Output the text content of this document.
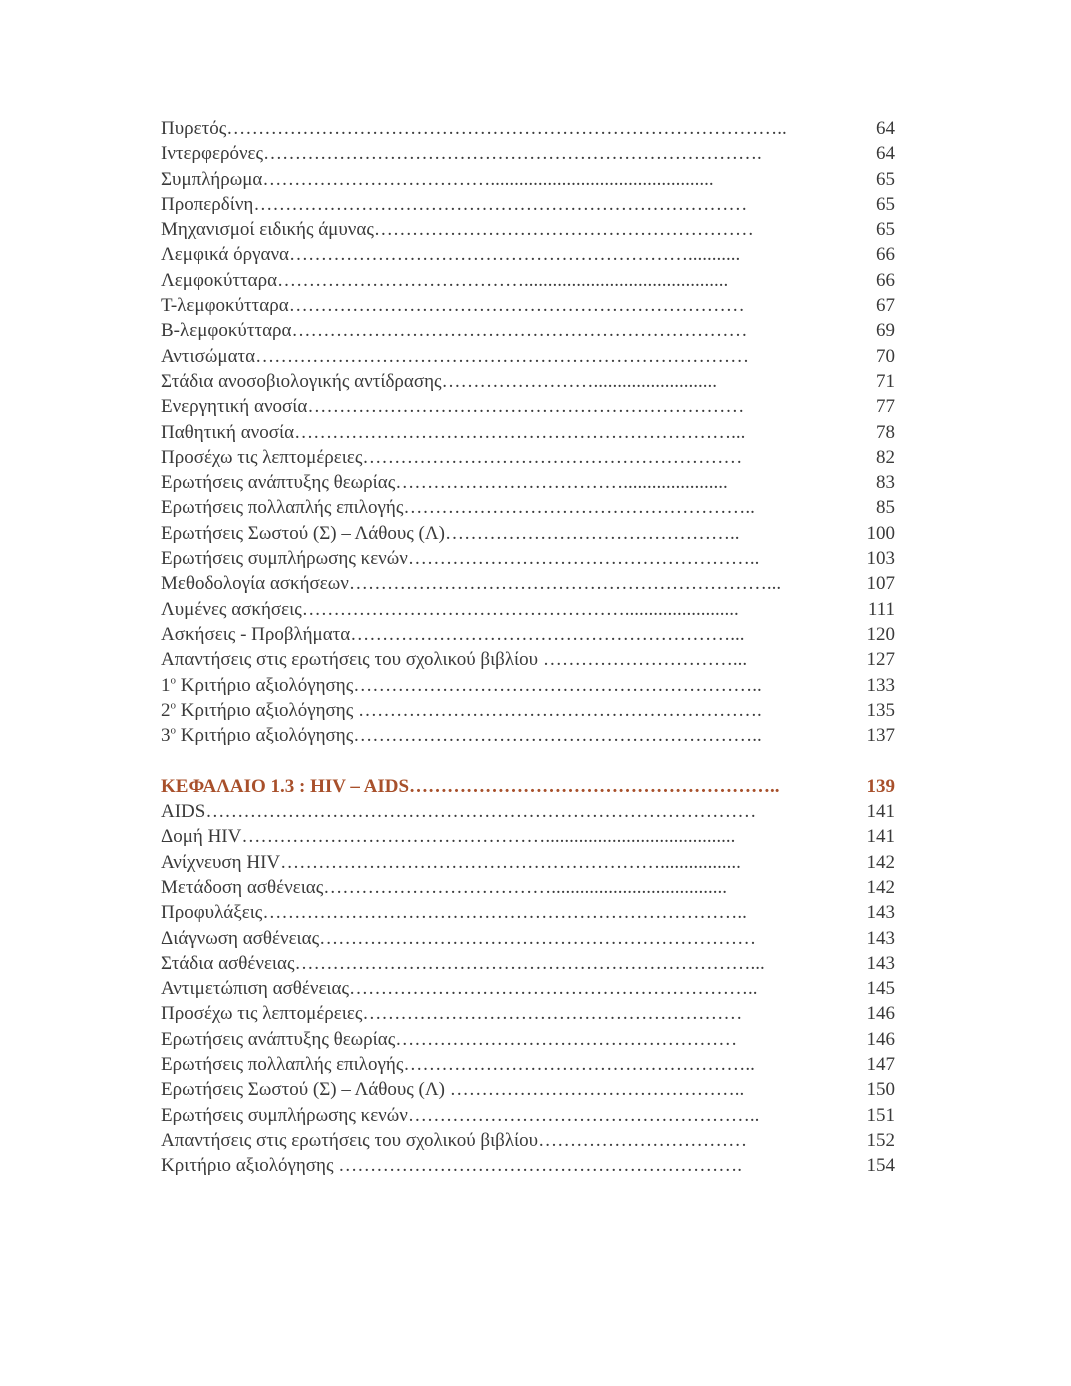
Πυρετός……………………………………………………………………………..	64
Ιντερφερόνες…………………………………………………………………….	64
Συμπλήρωμα………………………………...............................................	65
Προπερδίνη……………………………………………………………………	65
Μηχανισμοί ειδικής άμυνας……………………………………………………	65
Λεμφικά όργανα………………………………………………………...........	66
Λεμφοκύτταρα…………………………………...........................................	66
Τ-λεμφοκύτταρα………………………………………………………………	67
Β-λεμφοκύτταρα………………………………………………………………	69
Αντισώματα……………………………………………………………………	70
Στάδια ανοσοβιολογικής αντίδρασης……………………..........................	71
Ενεργητική ανοσία……………………………………………………………	77
Παθητική ανοσία……………………………………………………………...	78
Προσέχω τις λεπτομέρειες……………………………………………………	82
Ερωτήσεις ανάπτυξης θεωρίας………………………………......................	83
Ερωτήσεις πολλαπλής επιλογής………………………………………………..	85
Ερωτήσεις Σωστού (Σ) – Λάθους (Λ)………………………………………..	100
Ερωτήσεις συμπλήρωσης κενών………………………………………………..	103
Μεθοδολογία ασκήσεων…………………………………………………………...	107
Λυμένες ασκήσεις……………………………………………........................	111
Ασκήσεις - Προβλήματα……………………………………………………...	120
Απαντήσεις στις ερωτήσεις του σχολικού βιβλίου …………………………...	127
$1^o$ Κριτήριο αξιολόγησης………………………………………………………..	133
$2^o$ Κριτήριο αξιολόγησης ……………………………………………………….	135
$3^o$ Κριτήριο αξιολόγησης………………………………………………………..	137
ΚΕΦΑΛΑΙΟ 1.3 : HIV – AIDS…………………………………………………..	139
AIDS……………………………………………………………………………	141
Δομή HIV…………………………………………........................................	141
Ανίχνευση HIV…………………………………………………….................	142
Μετάδοση ασθένειας……………………………….....................................	142
Προφυλάξεις…………………………………………………………………..	143
Διάγνωση ασθένειας……………………………………………………………	143
Στάδια ασθένειας………………………………………………………………...	143
Αντιμετώπιση ασθένειας………………………………………………………..	145
Προσέχω τις λεπτομέρειες……………………………………………………	146
Ερωτήσεις ανάπτυξης θεωρίας………………………………………………	146
Ερωτήσεις πολλαπλής επιλογής………………………………………………..	147
Ερωτήσεις Σωστού (Σ) – Λάθους (Λ) ………………………………………..	150
Ερωτήσεις συμπλήρωσης κενών………………………………………………..	151
Απαντήσεις στις ερωτήσεις του σχολικού βιβλίου……………………………	152
Κριτήριο αξιολόγησης ……………………………………………………….	154
